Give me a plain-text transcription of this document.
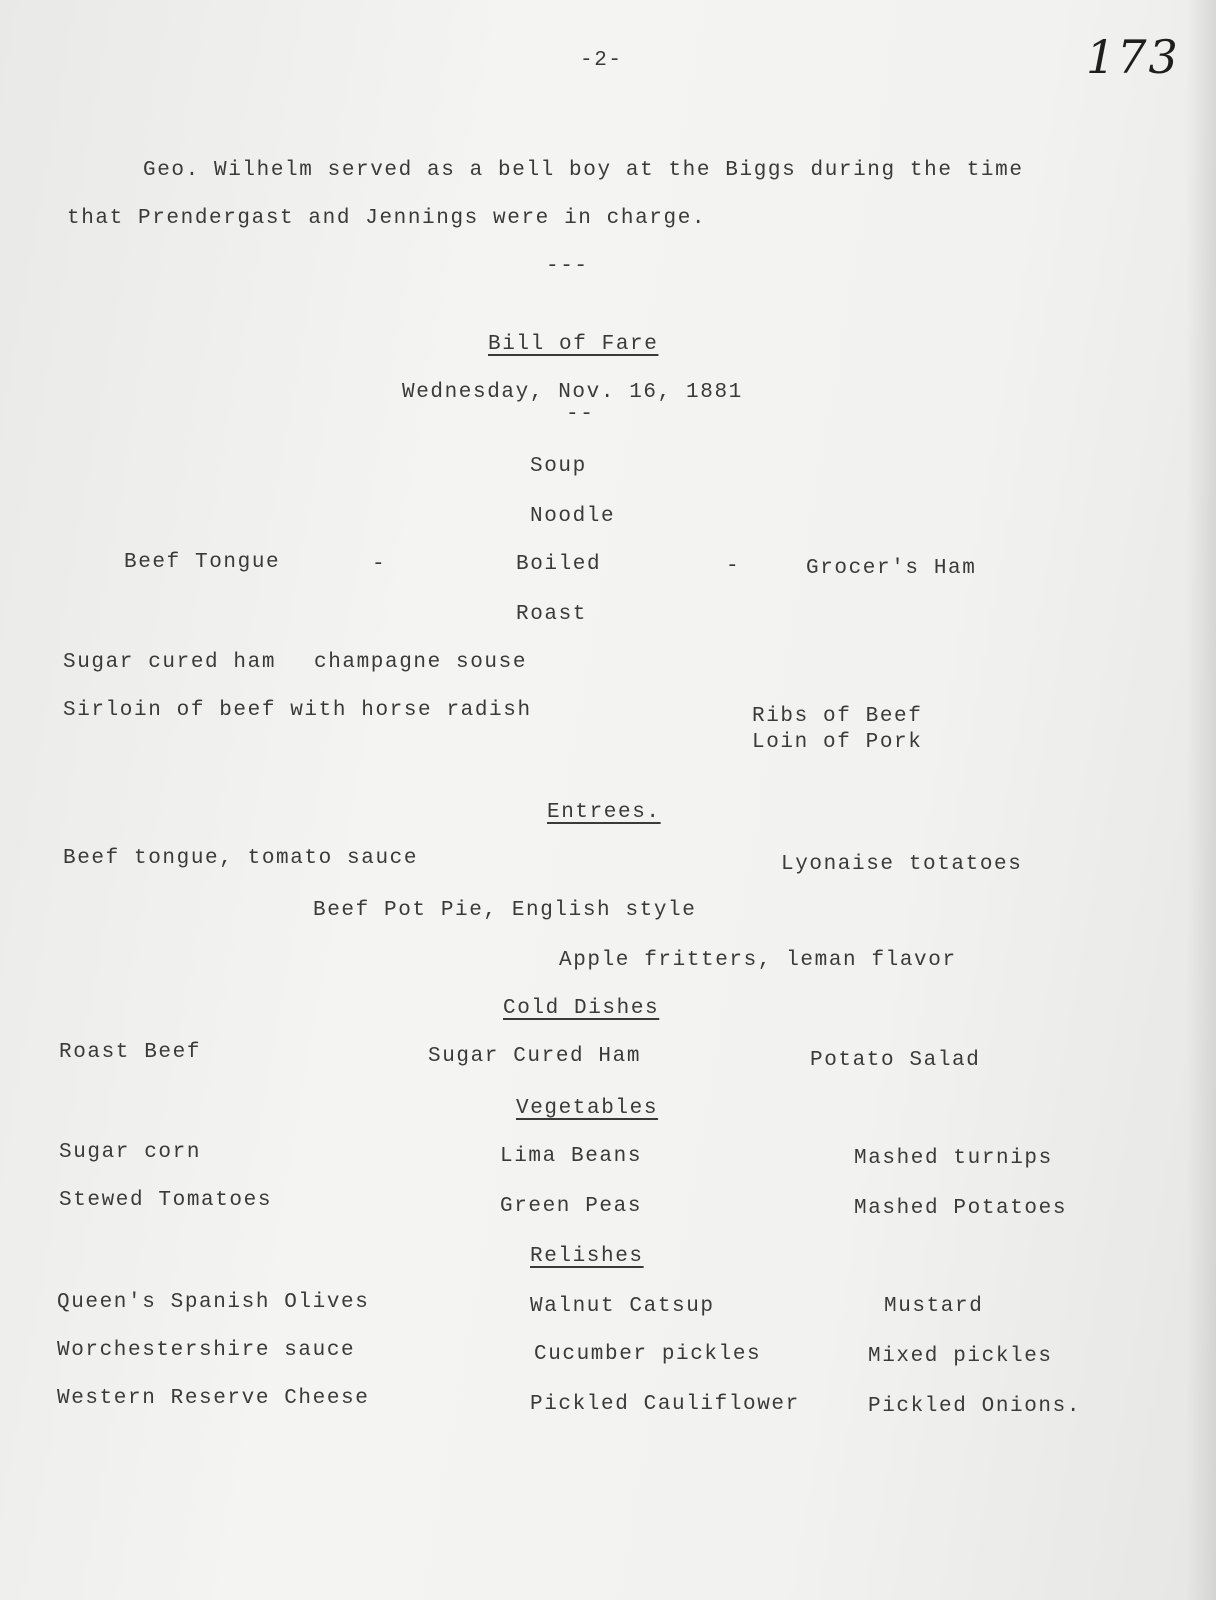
-2-	173
Geo. Wilhelm served as a bell boy at the Biggs during the time
that Prendergast and Jennings were in charge.
---
Bill of Fare
Wednesday, Nov. 16, 1881
--
Soup
Noodle
Beef Tongue	-	Boiled	-	Grocer's Ham
Roast
Sugar cured ham champagne souse
Sirloin of beef with horse radish	Ribs of Beef
Loin of Pork
Entrees.
Beef tongue, tomato sauce	Lyonaise totatoes
Beef Pot Pie, English style
Apple fritters, leman flavor
Cold Dishes
Roast Beef	Sugar Cured Ham	Potato Salad
Vegetables
Sugar corn	Lima Beans	Mashed turnips
Stewed Tomatoes	Green Peas	Mashed Potatoes
Relishes
Queen's Spanish Olives	Walnut Catsup	Mustard
Worchestershire sauce	Cucumber pickles	Mixed pickles
Western Reserve Cheese	Pickled Cauliflower	Pickled Onions.
